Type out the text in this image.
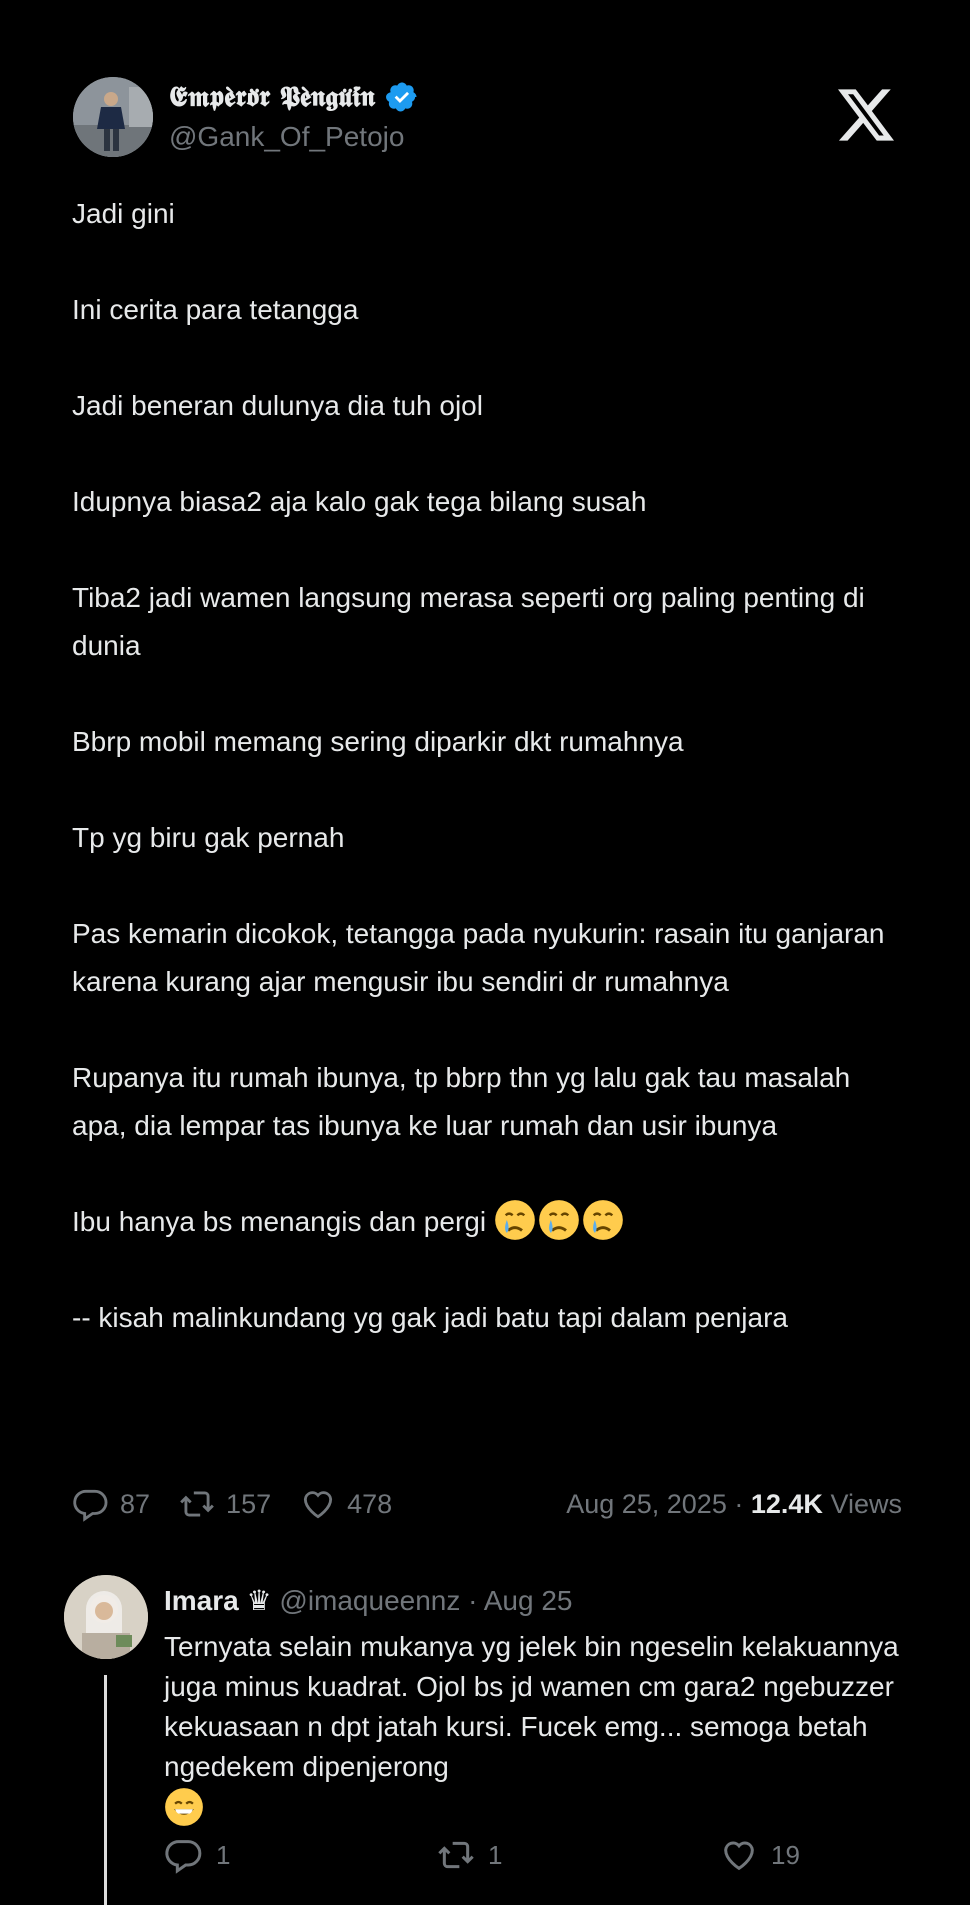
𝕰𝖒𝖕𝖊̀𝖗𝖔̈𝖗 𝕻𝖊̀𝖓𝖌𝖚̈𝖎́𝖓
@Gank_Of_Petojo

Jadi gini

Ini cerita para tetangga

Jadi beneran dulunya dia tuh ojol

Idupnya biasa2 aja kalo gak tega bilang susah

Tiba2 jadi wamen langsung merasa seperti org paling penting di dunia

Bbrp mobil memang sering diparkir dkt rumahnya

Tp yg biru gak pernah

Pas kemarin dicokok, tetangga pada nyukurin: rasain itu ganjaran karena kurang ajar mengusir ibu sendiri dr rumahnya

Rupanya itu rumah ibunya, tp bbrp thn yg lalu gak tau masalah apa, dia lempar tas ibunya ke luar rumah dan usir ibunya

Ibu hanya bs menangis dan pergi

-- kisah malinkundang yg gak jadi batu tapi dalam penjara

87	157	478	Aug 25, 2025 · 12.4K Views
Imara ♛ @imaqueennz · Aug 25
Ternyata selain mukanya yg jelek bin ngeselin kelakuannya juga minus kuadrat. Ojol bs jd wamen cm gara2 ngebuzzer kekuasaan n dpt jatah kursi. Fucek emg... semoga betah ngedekem dipenjerong

1	1	19
